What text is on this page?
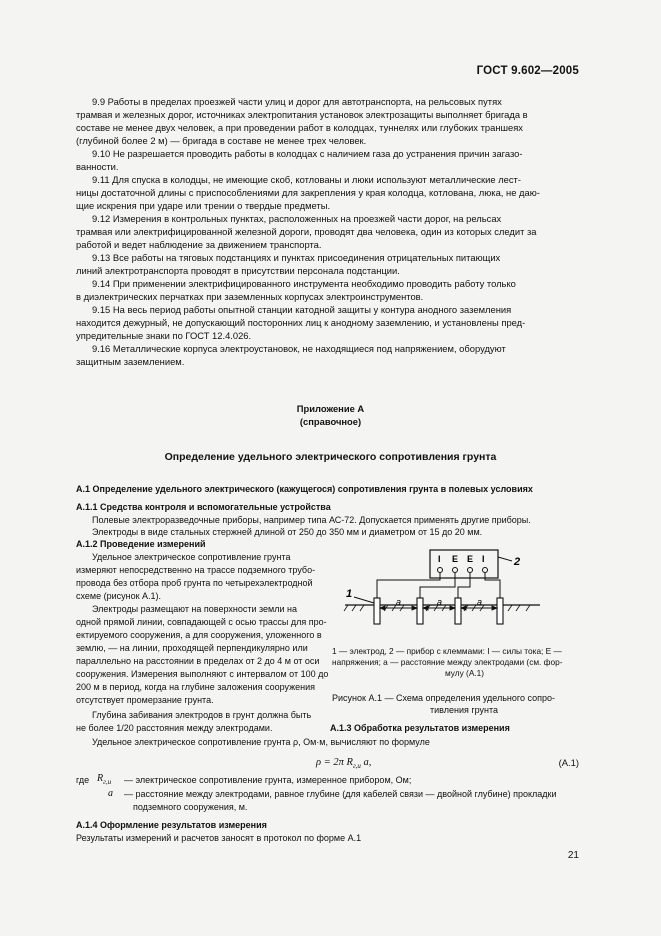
ГОСТ 9.602—2005
9.9 Работы в пределах проезжей части улиц и дорог для автотранспорта, на рельсовых путях
трамвая и железных дорог, источниках электропитания установок электрозащиты выполняет бригада в
составе не менее двух человек, а при проведении работ в колодцах, туннелях или глубоких траншеях
(глубиной более 2 м) — бригада в составе не менее трех человек.
9.10 Не разрешается проводить работы в колодцах с наличием газа до устранения причин загазо-
ванности.
9.11 Для спуска в колодцы, не имеющие скоб, котлованы и люки используют металлические лест-
ницы достаточной длины с приспособлениями для закрепления у края колодца, котлована, люка, не даю-
щие искрения при ударе или трении о твердые предметы.
9.12 Измерения в контрольных пунктах, расположенных на проезжей части дорог, на рельсах
трамвая или электрифицированной железной дороги, проводят два человека, один из которых следит за
работой и ведет наблюдение за движением транспорта.
9.13 Все работы на тяговых подстанциях и пунктах присоединения отрицательных питающих
линий электротранспорта проводят в присутствии персонала подстанции.
9.14 При применении электрифицированного инструмента необходимо проводить работу только
в диэлектрических перчатках при заземленных корпусах электроинструментов.
9.15 На весь период работы опытной станции катодной защиты у контура анодного заземления
находится дежурный, не допускающий посторонних лиц к анодному заземлению, и установлены пред-
упредительные знаки по ГОСТ 12.4.026.
9.16 Металлические корпуса электроустановок, не находящиеся под напряжением, оборудуют
защитным заземлением.
Приложение А
(справочное)
Определение удельного электрического сопротивления грунта
А.1 Определение удельного электрического (кажущегося) сопротивления грунта в полевых условиях
А.1.1 Средства контроля и вспомогательные устройства
Полевые электроразведочные приборы, например типа АС-72. Допускается применять другие приборы.
Электроды в виде стальных стержней длиной от 250 до 350 мм и диаметром от 15 до 20 мм.
А.1.2 Проведение измерений
Удельное электрическое сопротивление грунта
измеряют непосредственно на трассе подземного трубо-
провода без отбора проб грунта по четырехэлектродной
схеме (рисунок А.1).
Электроды размещают на поверхности земли на
одной прямой линии, совпадающей с осью трассы для про-
ектируемого сооружения, а для сооружения, уложенного в
землю, — на линии, проходящей перпендикулярно или
параллельно на расстоянии в пределах от 2 до 4 м от оси
сооружения. Измерения выполняют с интервалом от 100 до
200 м в период, когда на глубине заложения сооружения
отсутствует промерзание грунта.
Глубина забивания электродов в грунт должна быть
не более 1/20 расстояния между электродами.
I E E I	2
a	a	a
1
1 — электрод, 2 — прибор с клеммами: I — силы тока; Е —
напряжения; a — расстояние между электродами (см. фор-
мулу (А.1)
Рисунок А.1 — Схема определения удельного сопро-
тивления грунта
А.1.3 Обработка результатов измерения
Удельное электрическое сопротивление грунта ρ, Ом·м, вычисляют по формуле
ρ = 2π $R_{г,и}$ a,	(А.1)
где $R_{г,и}$ — электрическое сопротивление грунта, измеренное прибором, Ом;
a — расстояние между электродами, равное глубине (для кабелей связи — двойной глубине) прокладки
подземного сооружения, м.
А.1.4 Оформление результатов измерения
Результаты измерений и расчетов заносят в протокол по форме А.1
21
